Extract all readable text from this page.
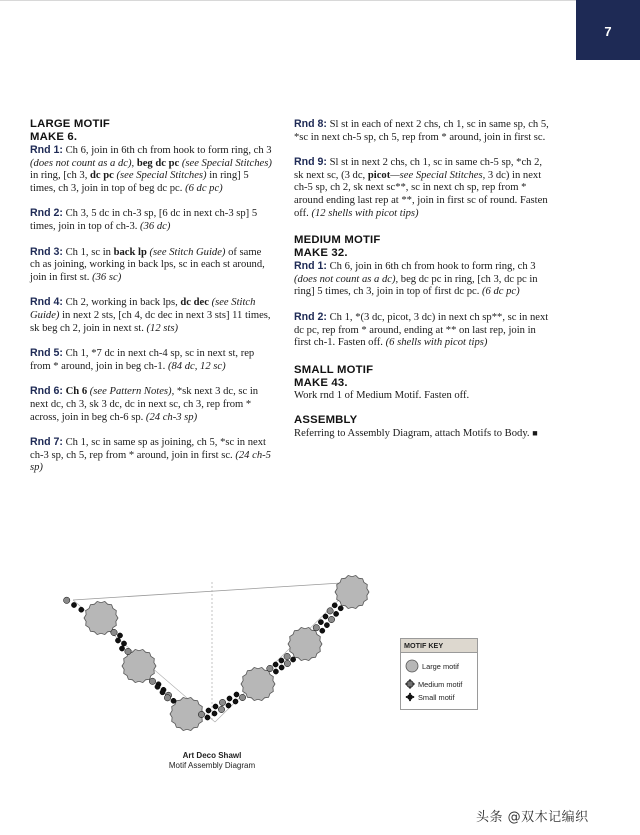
7
LARGE MOTIF
MAKE 6.
Rnd 1: Ch 6, join in 6th ch from hook to form ring, ch 3 (does not count as a dc), beg dc pc (see Special Stitches) in ring, [ch 3, dc pc (see Special Stitches) in ring] 5 times, ch 3, join in top of beg dc pc. (6 dc pc)
Rnd 2: Ch 3, 5 dc in ch-3 sp, [6 dc in next ch-3 sp] 5 times, join in top of ch-3. (36 dc)
Rnd 3: Ch 1, sc in back lp (see Stitch Guide) of same ch as joining, working in back lps, sc in each st around, join in first st. (36 sc)
Rnd 4: Ch 2, working in back lps, dc dec (see Stitch Guide) in next 2 sts, [ch 4, dc dec in next 3 sts] 11 times, sk beg ch 2, join in next st. (12 sts)
Rnd 5: Ch 1, *7 dc in next ch-4 sp, sc in next st, rep from * around, join in beg ch-1. (84 dc, 12 sc)
Rnd 6: Ch 6 (see Pattern Notes), *sk next 3 dc, sc in next dc, ch 3, sk 3 dc, dc in next sc, ch 3, rep from * across, join in beg ch-6 sp. (24 ch-3 sp)
Rnd 7: Ch 1, sc in same sp as joining, ch 5, *sc in next ch-3 sp, ch 5, rep from * around, join in first sc. (24 ch-5 sp)
Rnd 8: Sl st in each of next 2 chs, ch 1, sc in same sp, ch 5, *sc in next ch-5 sp, ch 5, rep from * around, join in first sc.
Rnd 9: Sl st in next 2 chs, ch 1, sc in same ch-5 sp, *ch 2, sk next sc, (3 dc, picot—see Special Stitches, 3 dc) in next ch-5 sp, ch 2, sk next sc**, sc in next ch sp, rep from * around ending last rep at **, join in first sc of round. Fasten off. (12 shells with picot tips)
MEDIUM MOTIF
MAKE 32.
Rnd 1: Ch 6, join in 6th ch from hook to form ring, ch 3 (does not count as a dc), beg dc pc in ring, [ch 3, dc pc in ring] 5 times, ch 3, join in top of first dc pc. (6 dc pc)
Rnd 2: Ch 1, *(3 dc, picot, 3 dc) in next ch sp**, sc in next dc pc, rep from * around, ending at ** on last rep, join in first ch-1. Fasten off. (6 shells with picot tips)
SMALL MOTIF
MAKE 43.
Work rnd 1 of Medium Motif. Fasten off.
ASSEMBLY
Referring to Assembly Diagram, attach Motifs to Body. ■
Art Deco Shawl
Motif Assembly Diagram
MOTIF KEY
Large motif
Medium motif
Small motif
头条 @双木记编织
